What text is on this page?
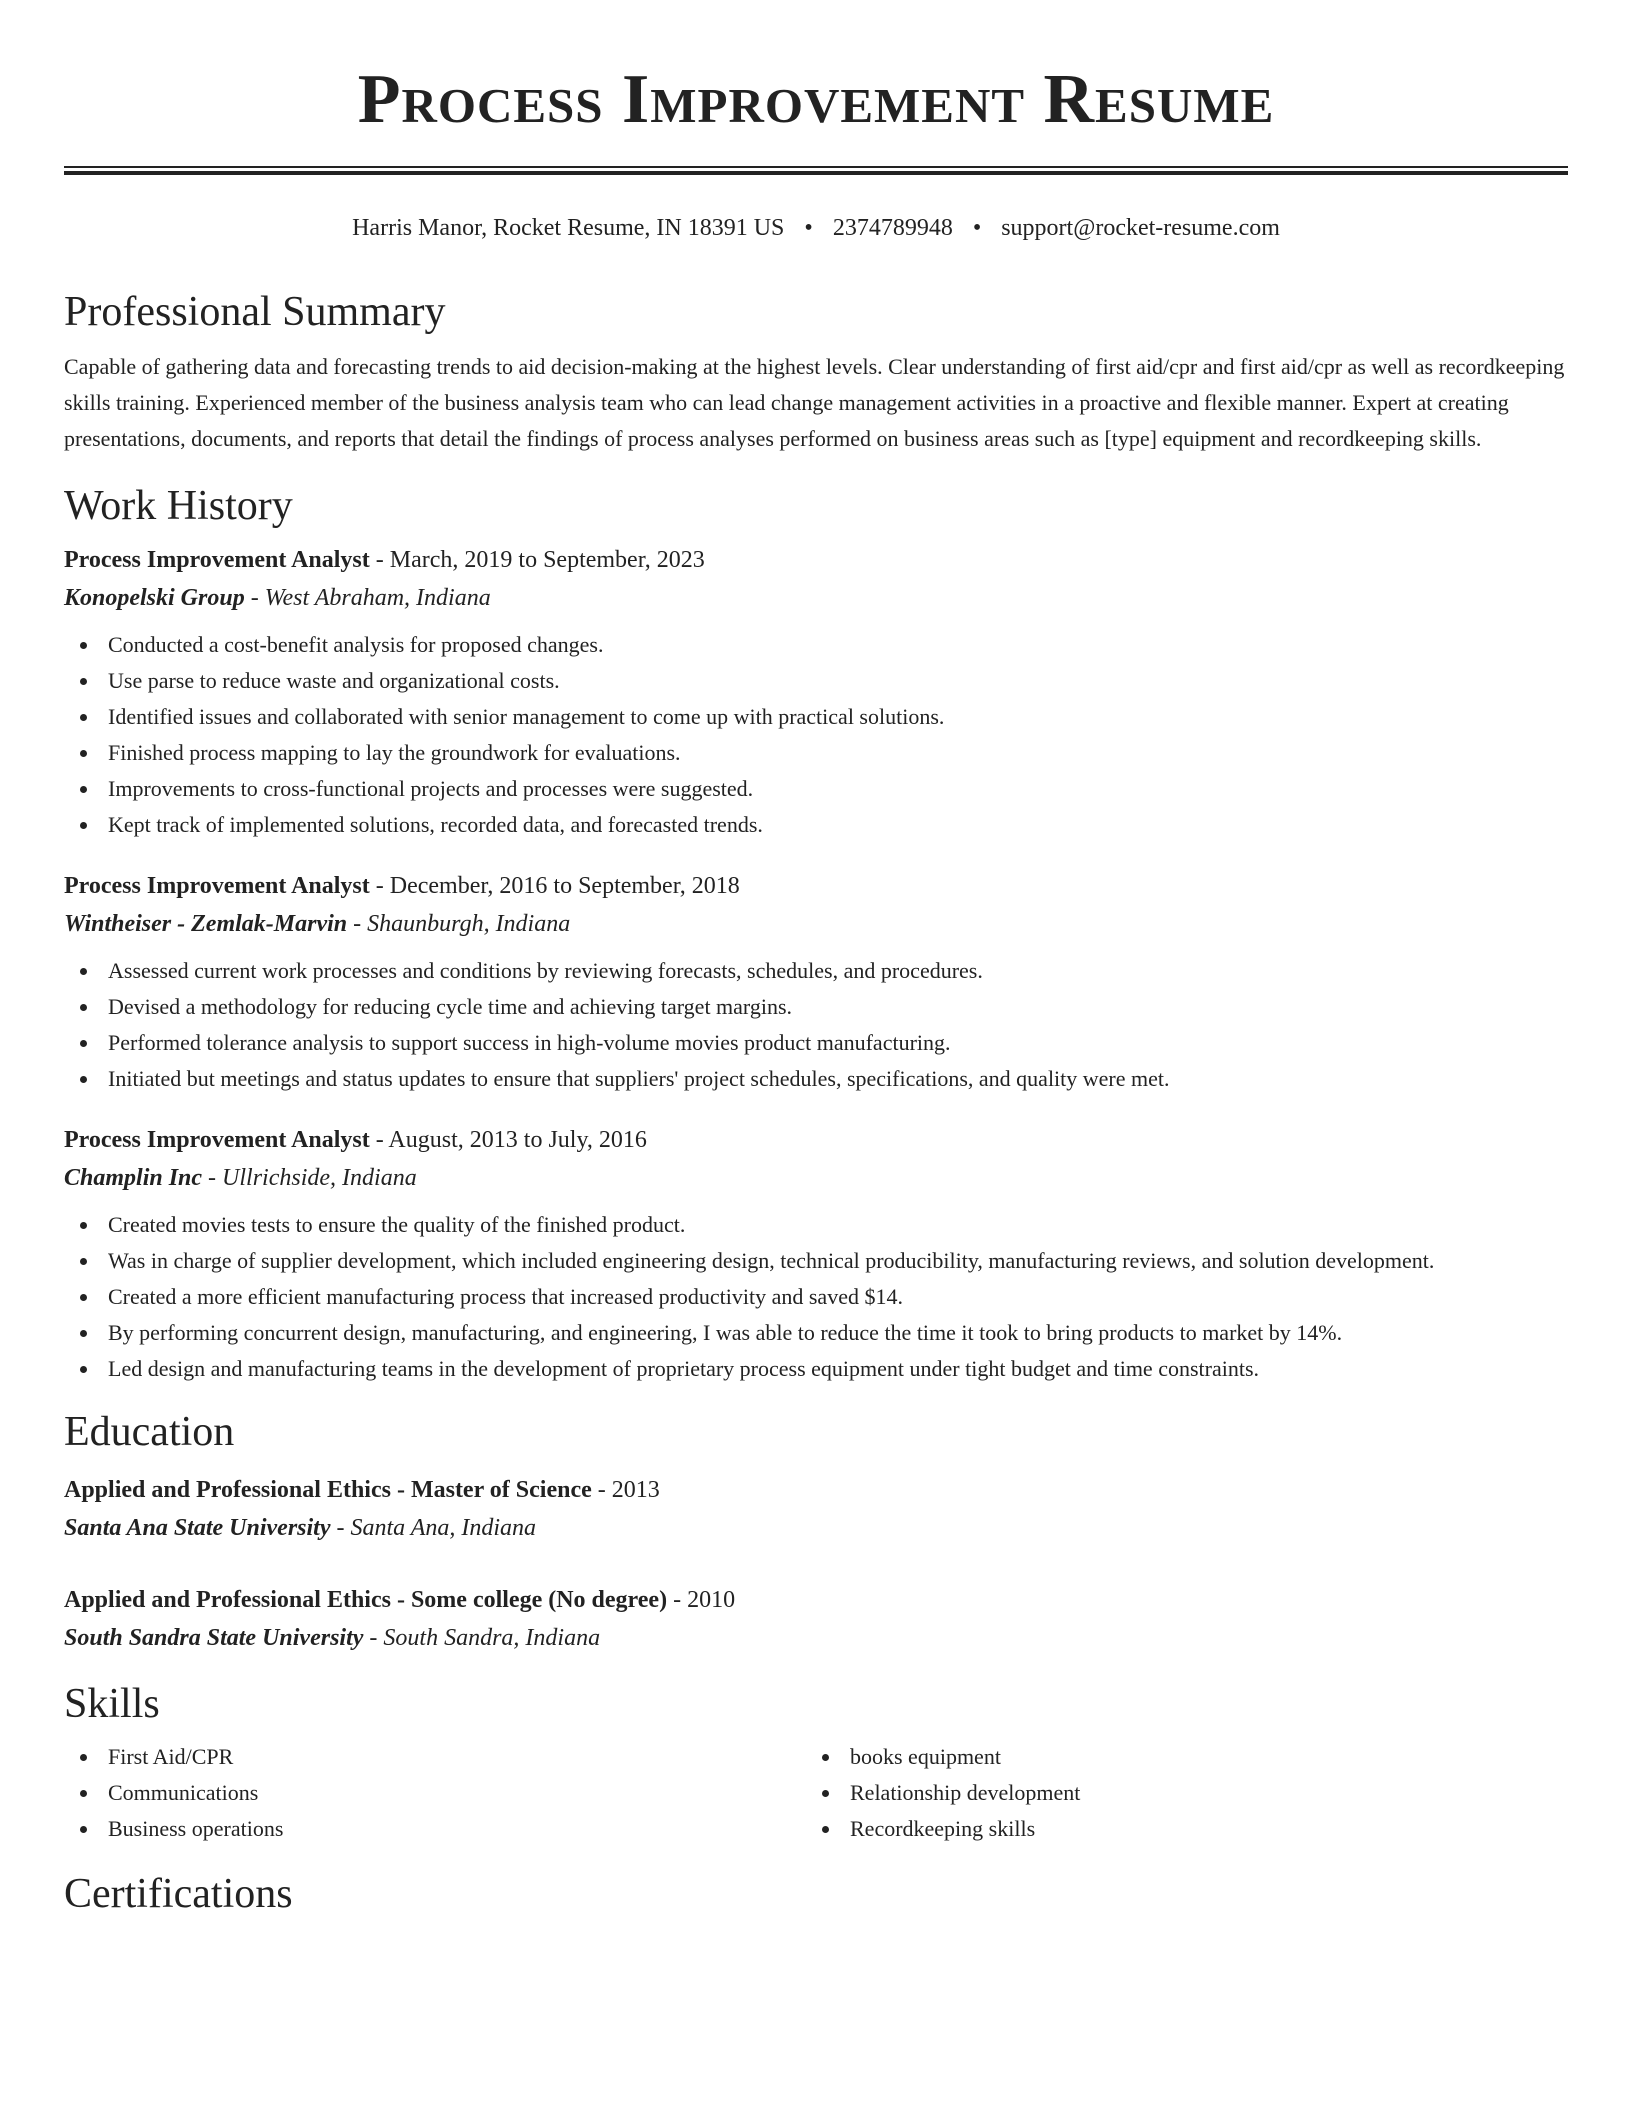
Process Improvement Resume
Harris Manor, Rocket Resume, IN 18391 US • 2374789948 • support@rocket-resume.com
Professional Summary

Capable of gathering data and forecasting trends to aid decision-making at the highest levels. Clear understanding of first aid/cpr and first aid/cpr as well as recordkeeping skills training. Experienced member of the business analysis team who can lead change management activities in a proactive and flexible manner. Expert at creating presentations, documents, and reports that detail the findings of process analyses performed on business areas such as [type] equipment and recordkeeping skills.

Work History
Process Improvement Analyst - March, 2019 to September, 2023
Konopelski Group - West Abraham, Indiana
Conducted a cost-benefit analysis for proposed changes.
Use parse to reduce waste and organizational costs.
Identified issues and collaborated with senior management to come up with practical solutions.
Finished process mapping to lay the groundwork for evaluations.
Improvements to cross-functional projects and processes were suggested.
Kept track of implemented solutions, recorded data, and forecasted trends.
Process Improvement Analyst - December, 2016 to September, 2018
Wintheiser - Zemlak-Marvin - Shaunburgh, Indiana
Assessed current work processes and conditions by reviewing forecasts, schedules, and procedures.
Devised a methodology for reducing cycle time and achieving target margins.
Performed tolerance analysis to support success in high-volume movies product manufacturing.
Initiated but meetings and status updates to ensure that suppliers' project schedules, specifications, and quality were met.
Process Improvement Analyst - August, 2013 to July, 2016
Champlin Inc - Ullrichside, Indiana
Created movies tests to ensure the quality of the finished product.
Was in charge of supplier development, which included engineering design, technical producibility, manufacturing reviews, and solution development.
Created a more efficient manufacturing process that increased productivity and saved $14.
By performing concurrent design, manufacturing, and engineering, I was able to reduce the time it took to bring products to market by 14%.
Led design and manufacturing teams in the development of proprietary process equipment under tight budget and time constraints.
Education
Applied and Professional Ethics - Master of Science - 2013
Santa Ana State University - Santa Ana, Indiana
Applied and Professional Ethics - Some college (No degree) - 2010
South Sandra State University - South Sandra, Indiana
Skills
First Aid/CPR
Communications
Business operations
books equipment
Relationship development
Recordkeeping skills
Certifications
